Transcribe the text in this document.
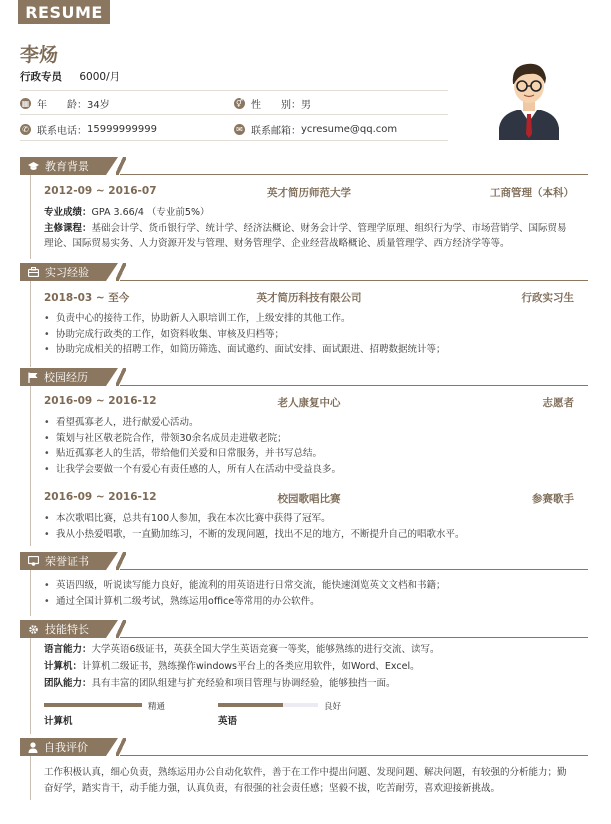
RESUME
李炀
行政专员 6000/月
▦ 年　　龄： 34岁	⚥ 性　　别： 男
✆ 联系电话： 15999999999	✉ 联系邮箱： ycresume@qq.com
教育背景
2012-09 ~ 2016-07	英才简历师范大学	工商管理（本科）
专业成绩：GPA 3.66/4 （专业前5%）
主修课程：基础会计学、货币银行学、统计学、经济法概论、财务会计学、管理学原理、组织行为学、市场营销学、国际贸易理论、国际贸易实务、人力资源开发与管理、财务管理学、企业经营战略概论、质量管理学、西方经济学等等。
实习经验
2018-03 ~ 至今	英才简历科技有限公司	行政实习生
• 负责中心的接待工作，协助新人入职培训工作，上级安排的其他工作。
• 协助完成行政类的工作，如资料收集、审核及归档等；
• 协助完成相关的招聘工作，如简历筛选、面试邀约、面试安排、面试跟进、招聘数据统计等；
校园经历
2016-09 ~ 2016-12	老人康复中心	志愿者
• 看望孤寡老人，进行献爱心活动。
• 策划与社区敬老院合作，带领30余名成员走进敬老院；
• 贴近孤寡老人的生活，带给他们关爱和日常服务，并书写总结。
• 让我学会要做一个有爱心有责任感的人，所有人在活动中受益良多。
2016-09 ~ 2016-12	校园歌唱比赛	参赛歌手
• 本次歌唱比赛，总共有100人参加，我在本次比赛中获得了冠军。
• 我从小热爱唱歌，一直勤加练习，不断的发现问题，找出不足的地方，不断提升自己的唱歌水平。
荣誉证书
• 英语四级，听说读写能力良好，能流利的用英语进行日常交流，能快速浏览英文文档和书籍；
• 通过全国计算机二级考试，熟练运用office等常用的办公软件。
技能特长
语言能力：大学英语6级证书，英获全国大学生英语竞赛一等奖，能够熟练的进行交流、读写。
计算机：计算机二级证书，熟练操作windows平台上的各类应用软件，如Word、Excel。
团队能力：具有丰富的团队组建与扩充经验和项目管理与协调经验，能够独挡一面。
精通
计算机
良好
英语
自我评价
工作积极认真，细心负责，熟练运用办公自动化软件，善于在工作中提出问题、发现问题、解决问题，有较强的分析能力；勤奋好学，踏实肯干，动手能力强，认真负责，有很强的社会责任感；坚毅不拔，吃苦耐劳，喜欢迎接新挑战。
